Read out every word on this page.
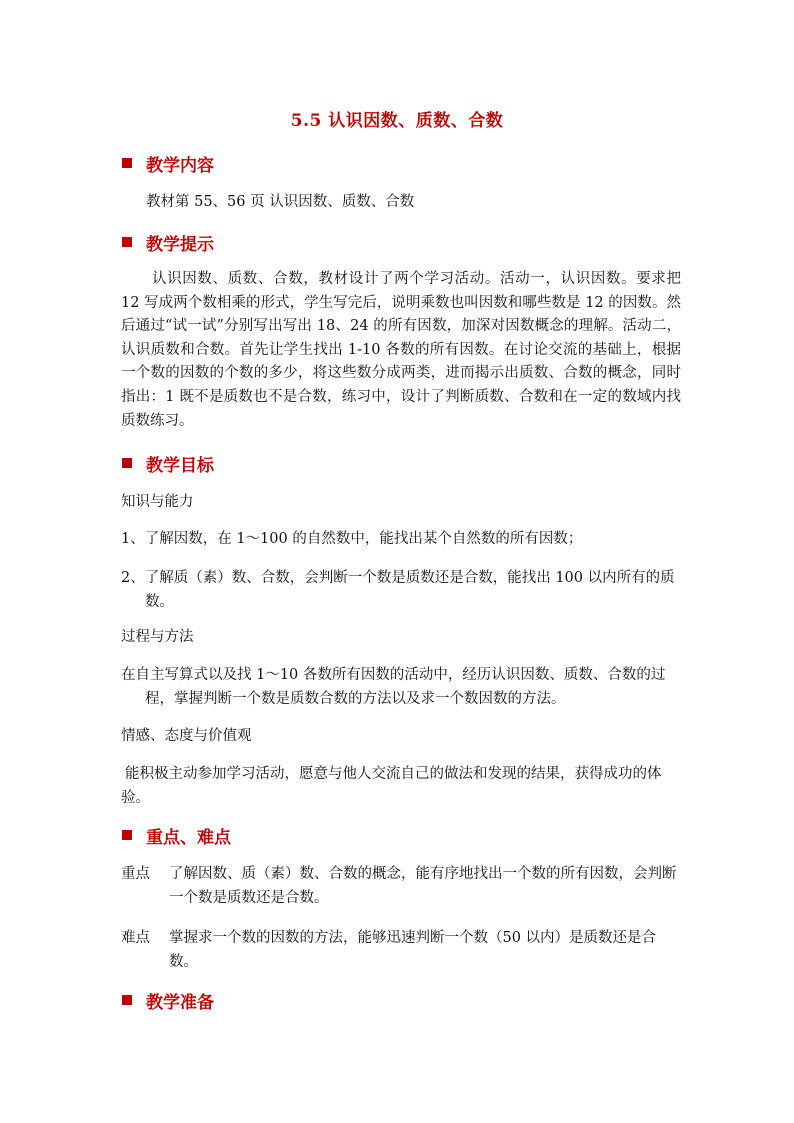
5.5 认识因数、质数、合数
教学内容
教材第 55、56 页 认识因数、质数、合数
教学提示
认识因数、质数、合数，教材设计了两个学习活动。活动一，认识因数。要求把 12 写成两个数相乘的形式，学生写完后，说明乘数也叫因数和哪些数是 12 的因数。然后通过“试一试”分别写出写出 18、24 的所有因数，加深对因数概念的理解。活动二，认识质数和合数。首先让学生找出 1-10 各数的所有因数。在讨论交流的基础上，根据一个数的因数的个数的多少，将这些数分成两类，进而揭示出质数、合数的概念，同时指出：1 既不是质数也不是合数，练习中，设计了判断质数、合数和在一定的数域内找质数练习。
教学目标
知识与能力
1、了解因数，在 1～100 的自然数中，能找出某个自然数的所有因数；
2、了解质（素）数、合数，会判断一个数是质数还是合数，能找出 100 以内所有的质数。
过程与方法
在自主写算式以及找 1～10 各数所有因数的活动中，经历认识因数、质数、合数的过程，掌握判断一个数是质数合数的方法以及求一个数因数的方法。
情感、态度与价值观
能积极主动参加学习活动，愿意与他人交流自己的做法和发现的结果，获得成功的体验。
重点、难点
重点 了解因数、质（素）数、合数的概念，能有序地找出一个数的所有因数，会判断一个数是质数还是合数。
难点 掌握求一个数的因数的方法，能够迅速判断一个数（50 以内）是质数还是合数。
教学准备
